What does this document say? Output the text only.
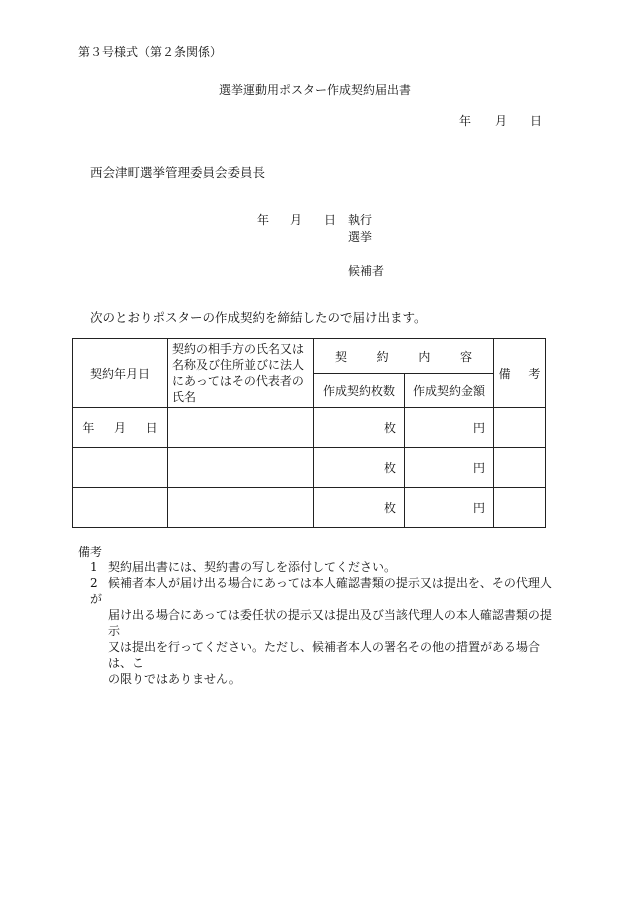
第３号様式（第２条関係）
選挙運動用ポスター作成契約届出書
年 月 日
西会津町選挙管理委員会委員長
年 月 日 執行
選挙
候補者
次のとおりポスターの作成契約を締結したので届け出ます。
契約年月日	契約の相手方の氏名又は名称及び住所並びに法人にあってはその代表者の氏名	契 約 内 容		備 考
		作成契約枚数	作成契約金額	
年 月 日		枚	円	
		枚	円	
		枚	円	
備考
1 契約届出書には、契約書の写しを添付してください。
2 候補者本人が届け出る場合にあっては本人確認書類の提示又は提出を、その代理人が
届け出る場合にあっては委任状の提示又は提出及び当該代理人の本人確認書類の提示
又は提出を行ってください。ただし、候補者本人の署名その他の措置がある場合は、こ
の限りではありません。
